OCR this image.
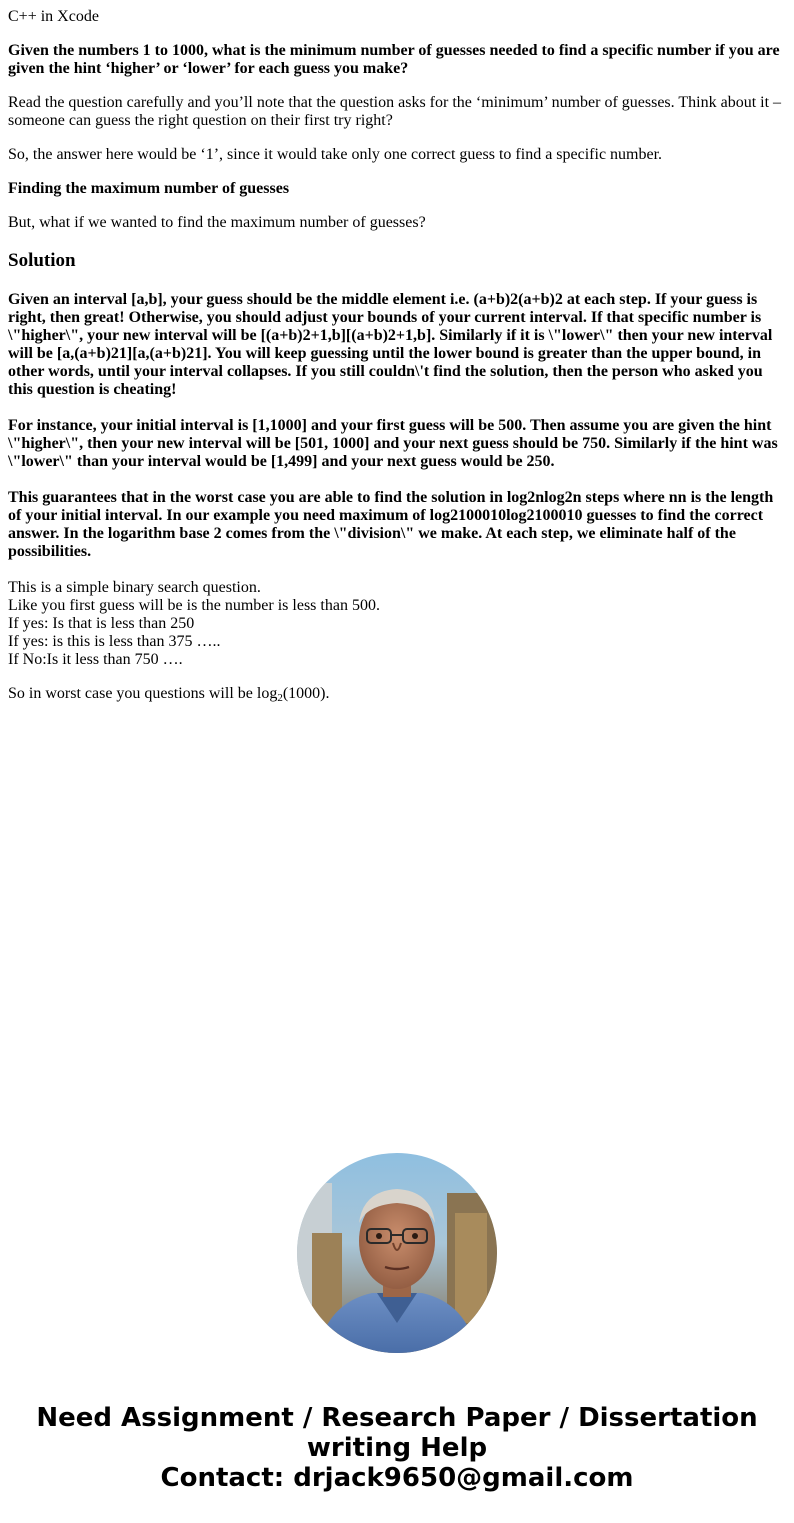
C++ in Xcode

Given the numbers 1 to 1000, what is the minimum number of guesses needed to find a specific number if you are given the hint ‘higher’ or ‘lower’ for each guess you make?

Read the question carefully and you’ll note that the question asks for the ‘minimum’ number of guesses. Think about it – someone can guess the right question on their first try right?

So, the answer here would be ‘1’, since it would take only one correct guess to find a specific number.

Finding the maximum number of guesses

But, what if we wanted to find the maximum number of guesses?

Solution

Given an interval [a,b], your guess should be the middle element i.e. (a+b)2(a+b)2 at each step. If your guess is right, then great! Otherwise, you should adjust your bounds of your current interval. If that specific number is \"higher\", your new interval will be [(a+b)2+1,b][(a+b)2+1,b]. Similarly if it is \"lower\" then your new interval will be [a,(a+b)21][a,(a+b)21]. You will keep guessing until the lower bound is greater than the upper bound, in other words, until your interval collapses. If you still couldn\'t find the solution, then the person who asked you this question is cheating!

For instance, your initial interval is [1,1000] and your first guess will be 500. Then assume you are given the hint \"higher\", then your new interval will be [501, 1000] and your next guess should be 750. Similarly if the hint was \"lower\" than your interval would be [1,499] and your next guess would be 250.

This guarantees that in the worst case you are able to find the solution in log2nlog2n steps where nn is the length of your initial interval. In our example you need maximum of log2100010log2100010 guesses to find the correct answer. In the logarithm base 2 comes from the \"division\" we make. At each step, we eliminate half of the possibilities.

This is a simple binary search question.

Like you first guess will be is the number is less than 500.

If yes: Is that is less than 250

If yes: is this is less than 375 …..

If No:Is it less than 750 ….

So in worst case you questions will be $\log_2(1000)$.

Need Assignment / Research Paper / Dissertation
writing Help
Contact: drjack9650@gmail.com
